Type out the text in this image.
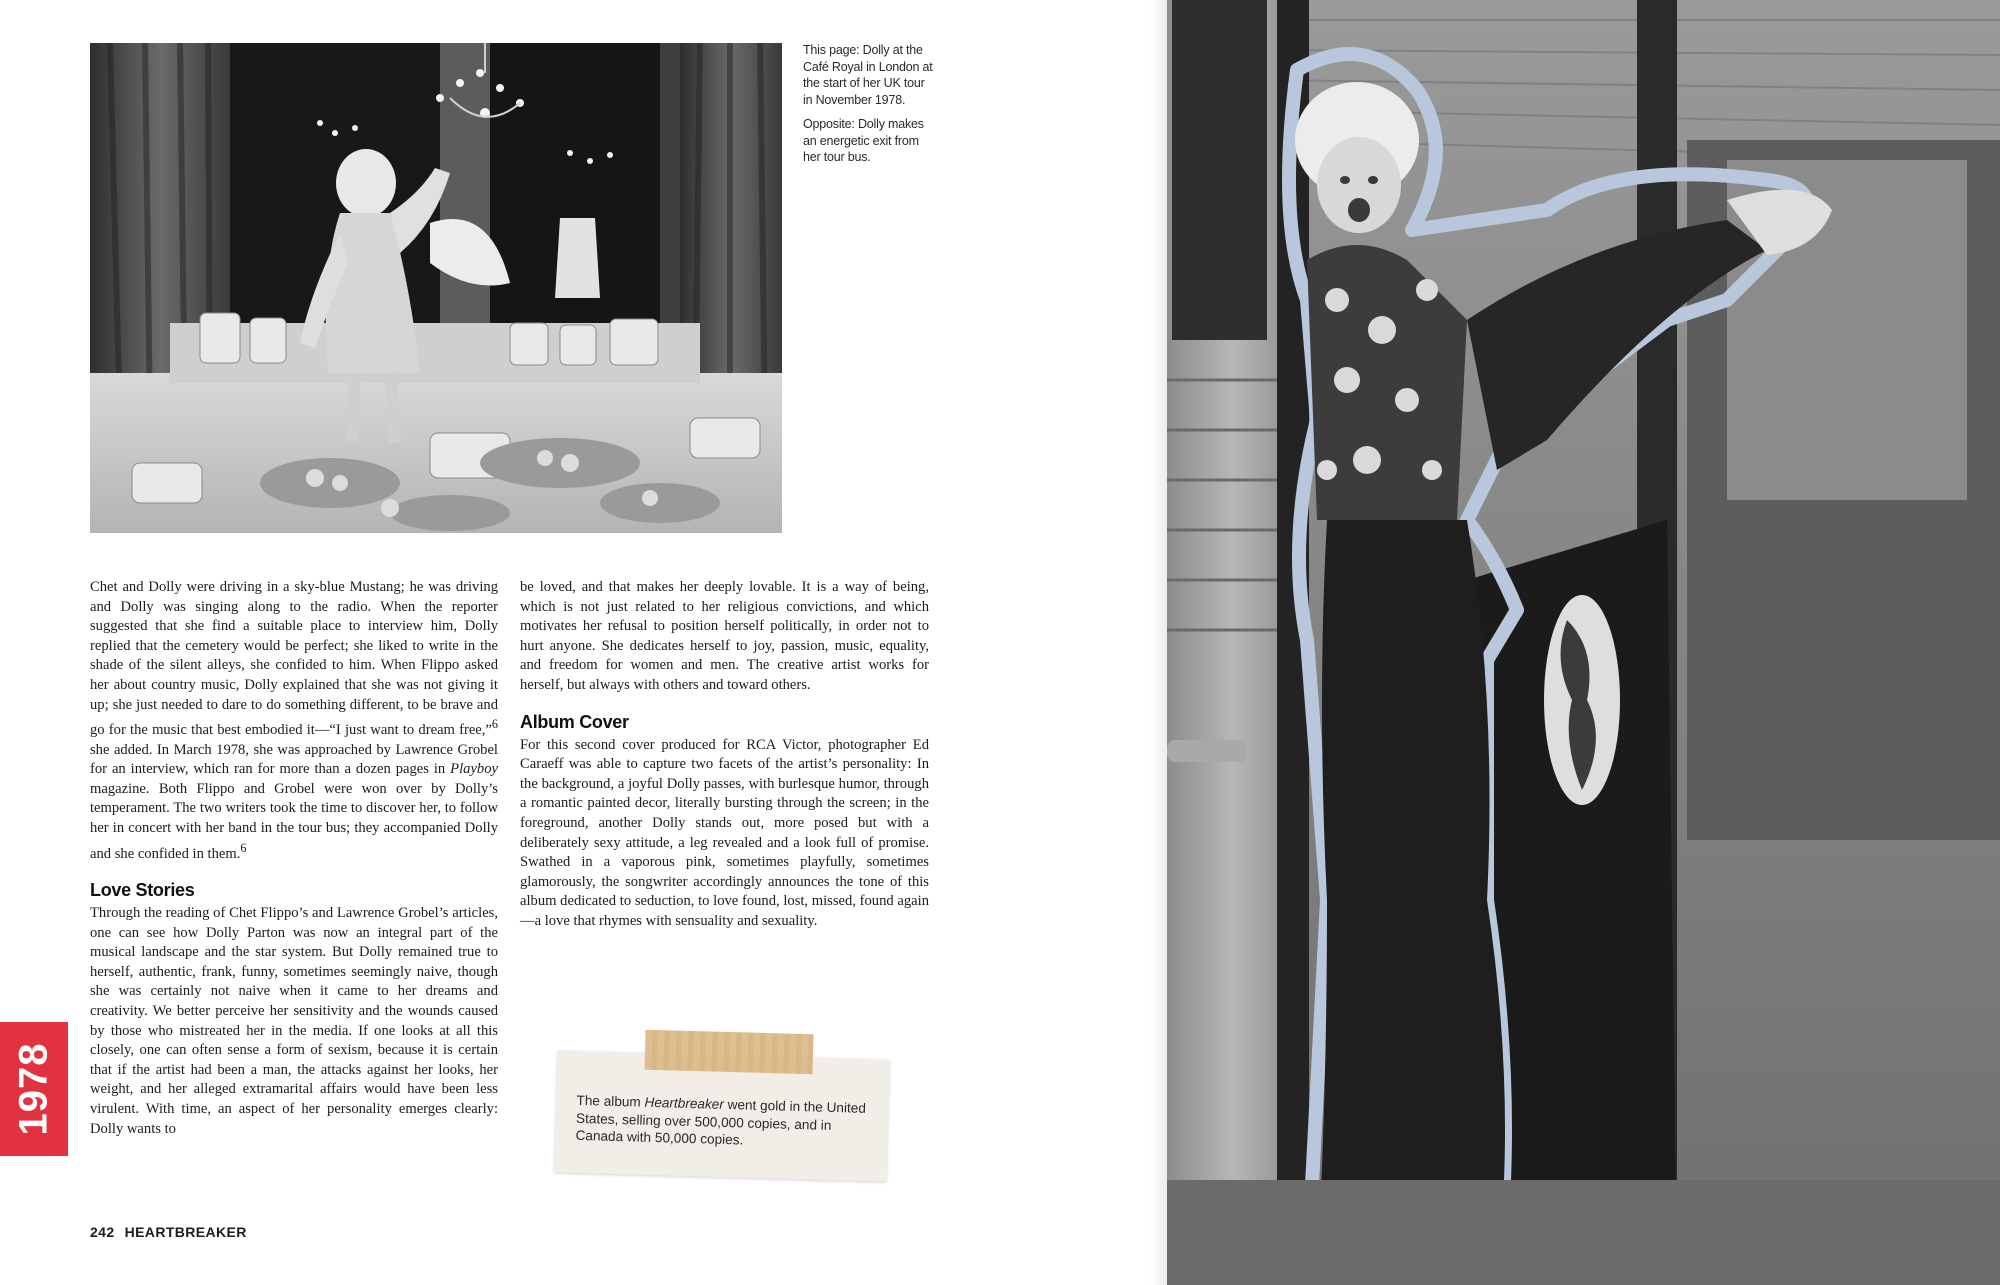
This page: Dolly at the Café Royal in London at the start of her UK tour in November 1978.

Opposite: Dolly makes an energetic exit from her tour bus.

Chet and Dolly were driving in a sky-blue Mustang; he was driving and Dolly was singing along to the radio. When the reporter suggested that she find a suitable place to interview him, Dolly replied that the cemetery would be perfect; she liked to write in the shade of the silent alleys, she confided to him. When Flippo asked her about country music, Dolly explained that she was not giving it up; she just needed to dare to do something different, to be brave and go for the music that best embodied it—“I just want to dream free,”$^6$ she added. In March 1978, she was approached by Lawrence Grobel for an interview, which ran for more than a dozen pages in Playboy magazine. Both Flippo and Grobel were won over by Dolly’s temperament. The two writers took the time to discover her, to follow her in concert with her band in the tour bus; they accompanied Dolly and she confided in them.$^6$

Love Stories

Through the reading of Chet Flippo’s and Lawrence Grobel’s articles, one can see how Dolly Parton was now an integral part of the musical landscape and the star system. But Dolly remained true to herself, authentic, frank, funny, sometimes seemingly naive, though she was certainly not naive when it came to her dreams and creativity. We better perceive her sensitivity and the wounds caused by those who mistreated her in the media. If one looks at all this closely, one can often sense a form of sexism, because it is certain that if the artist had been a man, the attacks against her looks, her weight, and her alleged extramarital affairs would have been less virulent. With time, an aspect of her personality emerges clearly: Dolly wants to

be loved, and that makes her deeply lovable. It is a way of being, which is not just related to her religious convictions, and which motivates her refusal to position herself politically, in order not to hurt anyone. She dedicates herself to joy, passion, music, equality, and freedom for women and men. The creative artist works for herself, but always with others and toward others.

Album Cover

For this second cover produced for RCA Victor, photographer Ed Caraeff was able to capture two facets of the artist’s personality: In the background, a joyful Dolly passes, with burlesque humor, through a romantic painted decor, literally bursting through the screen; in the foreground, another Dolly stands out, more posed but with a deliberately sexy attitude, a leg revealed and a look full of promise. Swathed in a vaporous pink, sometimes playfully, sometimes glamorously, the songwriter accordingly announces the tone of this album dedicated to seduction, to love found, lost, missed, found again—a love that rhymes with sensuality and sexuality.

The album Heartbreaker went gold in the United States, selling over 500,000 copies, and in Canada with 50,000 copies.
1978
242 HEARTBREAKER
